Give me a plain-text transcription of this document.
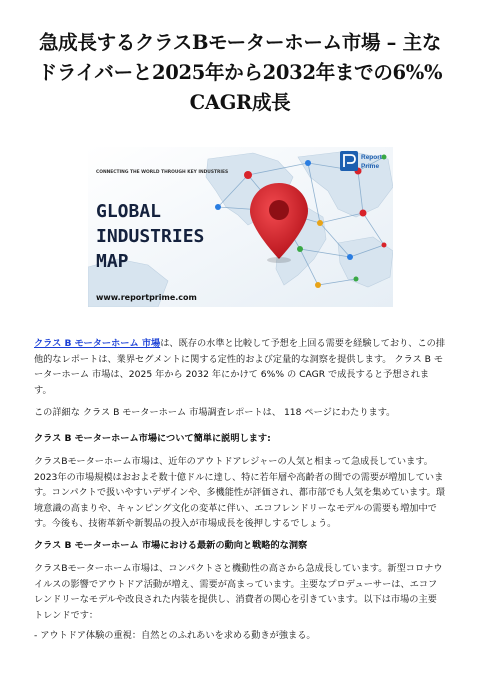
急成長するクラスBモーターホーム市場 – 主な
ドライバーと2025年から2032年までの6%%
CAGR成長
Report
Prime
CONNECTING THE WORLD THROUGH KEY INDUSTRIES
GLOBAL
INDUSTRIES
MAP
www.reportprime.com

クラス B モーターホーム 市場は、既存の水準と比較して予想を上回る需要を経験しており、この排他的なレポートは、業界セグメントに関する定性的および定量的な洞察を提供します。 クラス B モーターホーム 市場は、2025 年から 2032 年にかけて 6%% の CAGR で成長すると予想されます。

この詳細な クラス B モーターホーム 市場調査レポートは、 118 ページにわたります。

クラス B モーターホーム市場について簡単に説明します:

クラスBモーターホーム市場は、近年のアウトドアレジャーの人気と相まって急成長しています。2023年の市場規模はおおよそ数十億ドルに達し、特に若年層や高齢者の間での需要が増加しています。コンパクトで扱いやすいデザインや、多機能性が評価され、都市部でも人気を集めています。環境意識の高まりや、キャンピング文化の変革に伴い、エコフレンドリーなモデルの需要も増加中です。今後も、技術革新や新製品の投入が市場成長を後押しするでしょう。

クラス B モーターホーム 市場における最新の動向と戦略的な洞察

クラスBモーターホーム市場は、コンパクトさと機動性の高さから急成長しています。新型コロナウイルスの影響でアウトドア活動が増え、需要が高まっています。主要なプロデューサーは、エコフレンドリーなモデルや改良された内装を提供し、消費者の関心を引きています。以下は市場の主要トレンドです：

- アウトドア体験の重視：自然とのふれあいを求める動きが強まる。
